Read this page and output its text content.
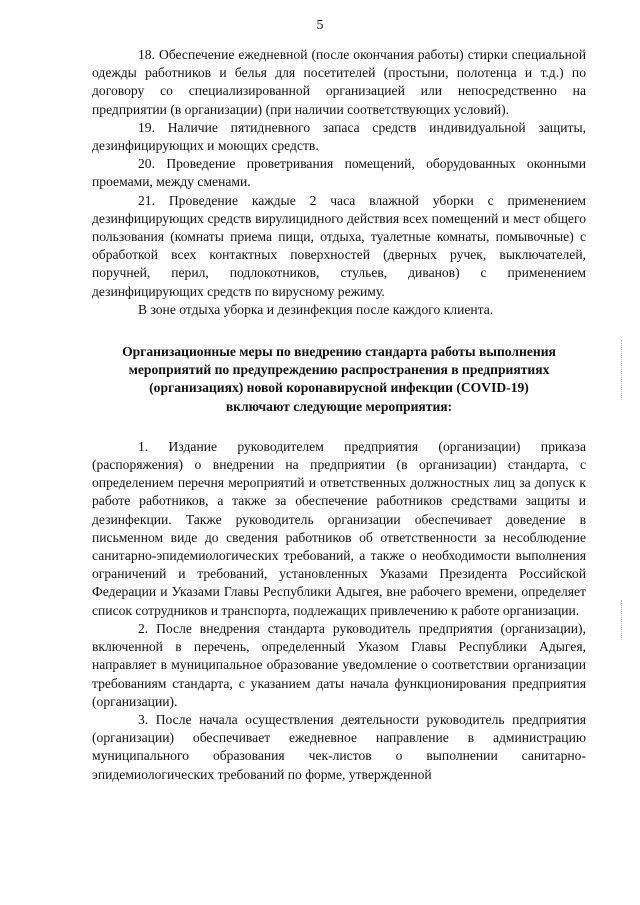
5

18. Обеспечение ежедневной (после окончания работы) стирки специальной одежды работников и белья для посетителей (простыни, полотенца и т.д.) по договору со специализированной организацией или непосредственно на предприятии (в организации) (при наличии соответствующих условий).

19. Наличие пятидневного запаса средств индивидуальной защиты, дезинфицирующих и моющих средств.

20. Проведение проветривания помещений, оборудованных оконными проемами, между сменами.

21. Проведение каждые 2 часа влажной уборки с применением дезинфицирующих средств вирулицидного действия всех помещений и мест общего пользования (комнаты приема пищи, отдыха, туалетные комнаты, помывочные) с обработкой всех контактных поверхностей (дверных ручек, выключателей, поручней, перил, подлокотников, стульев, диванов) с применением дезинфицирующих средств по вирусному режиму.

В зоне отдыха уборка и дезинфекция после каждого клиента.

Организационные меры по внедрению стандарта работы выполнения
мероприятий по предупреждению распространения в предприятиях
(организациях) новой коронавирусной инфекции (COVID-19)
включают следующие мероприятия:

1. Издание руководителем предприятия (организации) приказа (распоряжения) о внедрении на предприятии (в организации) стандарта, с определением перечня мероприятий и ответственных должностных лиц за допуск к работе работников, а также за обеспечение работников средствами защиты и дезинфекции. Также руководитель организации обеспечивает доведение в письменном виде до сведения работников об ответственности за несоблюдение санитарно-эпидемиологических требований, а также о необходимости выполнения ограничений и требований, установленных Указами Президента Российской Федерации и Указами Главы Республики Адыгея, вне рабочего времени, определяет список сотрудников и транспорта, подлежащих привлечению к работе организации.

2. После внедрения стандарта руководитель предприятия (организации), включенной в перечень, определенный Указом Главы Республики Адыгея, направляет в муниципальное образование уведомление о соответствии организации требованиям стандарта, с указанием даты начала функционирования предприятия (организации).

3. После начала осуществления деятельности руководитель предприятия (организации) обеспечивает ежедневное направление в администрацию муниципального образования чек-листов о выполнении санитарно-эпидемиологических требований по форме, утвержденной
